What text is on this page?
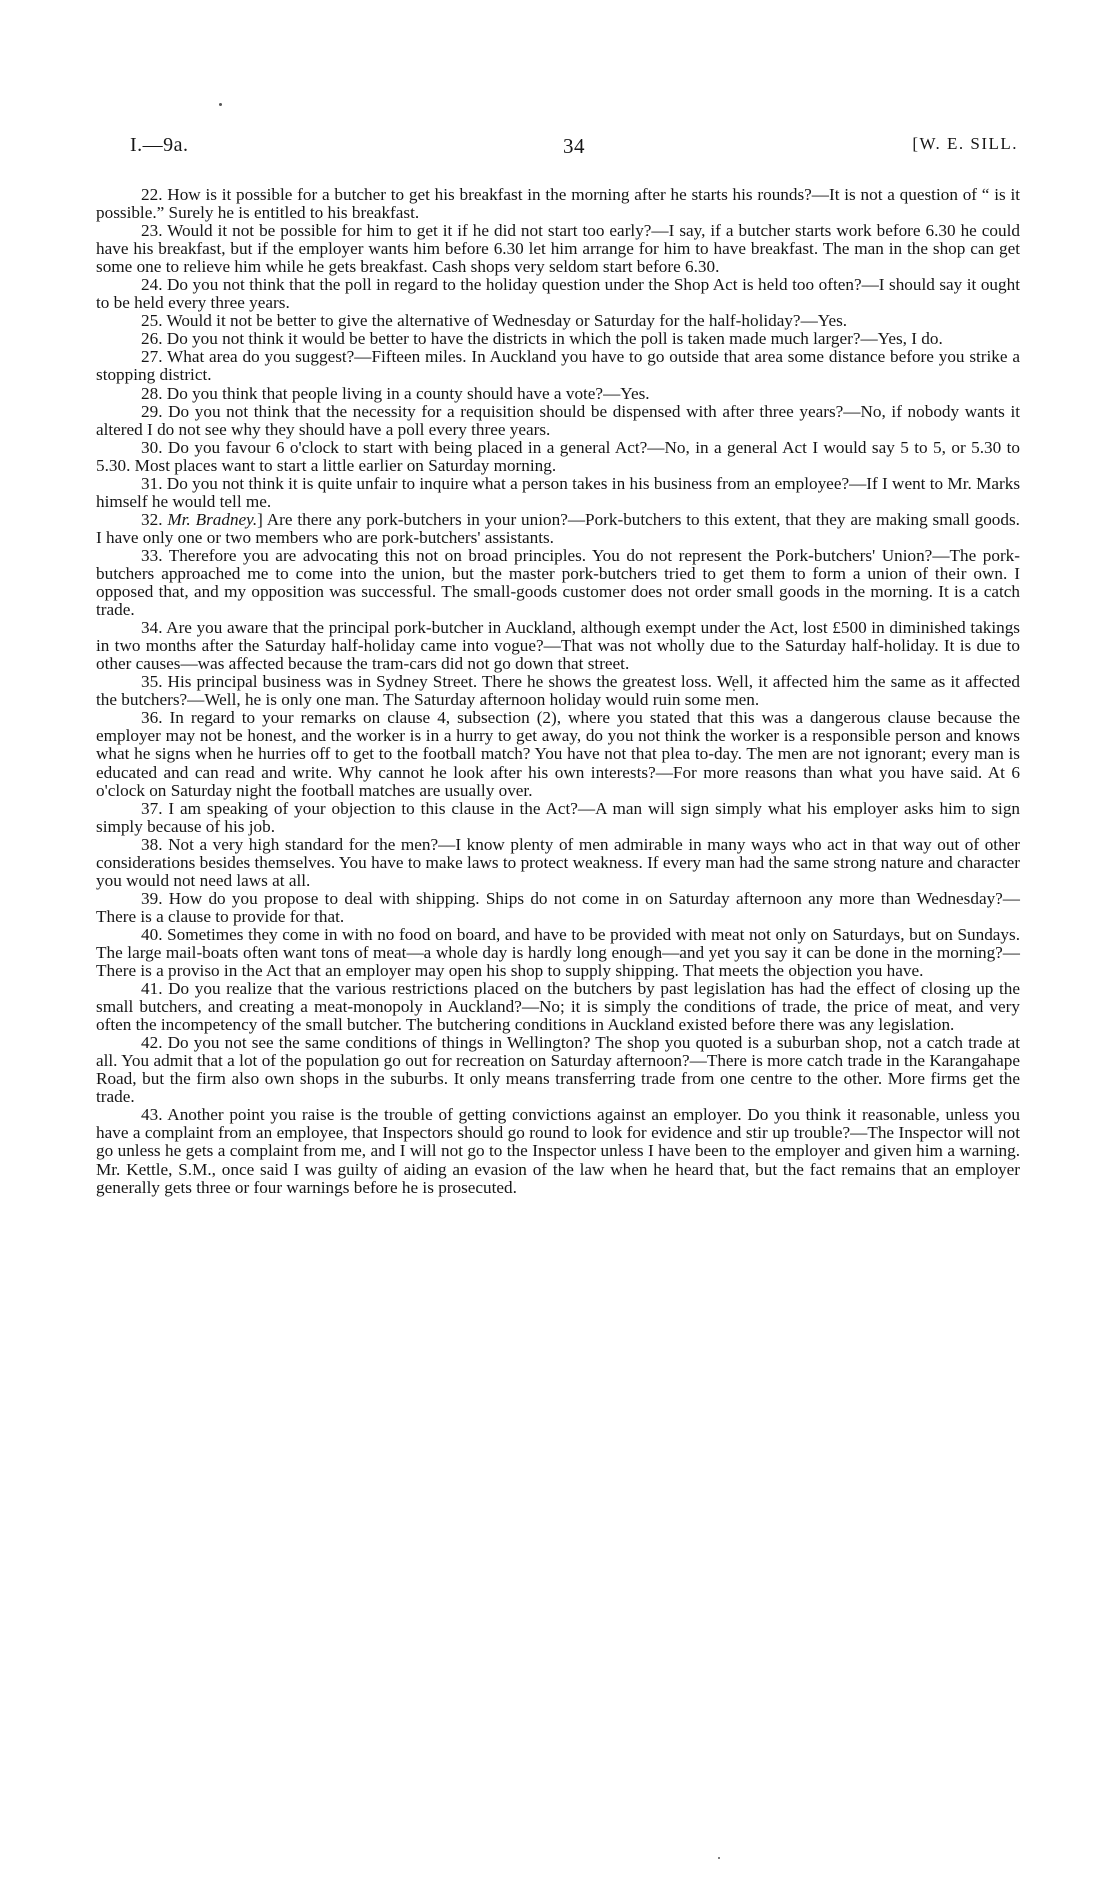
I.—9a.	34	[W. E. SILL.

22. How is it possible for a butcher to get his breakfast in the morning after he starts his rounds?—It is not a question of “ is it possible.” Surely he is entitled to his breakfast.

23. Would it not be possible for him to get it if he did not start too early?—I say, if a butcher starts work before 6.30 he could have his breakfast, but if the employer wants him before 6.30 let him arrange for him to have breakfast. The man in the shop can get some one to relieve him while he gets breakfast. Cash shops very seldom start before 6.30.

24. Do you not think that the poll in regard to the holiday question under the Shop Act is held too often?—I should say it ought to be held every three years.

25. Would it not be better to give the alternative of Wednesday or Saturday for the half-holiday?—Yes.

26. Do you not think it would be better to have the districts in which the poll is taken made much larger?—Yes, I do.

27. What area do you suggest?—Fifteen miles. In Auckland you have to go outside that area some distance before you strike a stopping district.

28. Do you think that people living in a county should have a vote?—Yes.

29. Do you not think that the necessity for a requisition should be dispensed with after three years?—No, if nobody wants it altered I do not see why they should have a poll every three years.

30. Do you favour 6 o'clock to start with being placed in a general Act?—No, in a general Act I would say 5 to 5, or 5.30 to 5.30. Most places want to start a little earlier on Saturday morning.

31. Do you not think it is quite unfair to inquire what a person takes in his business from an employee?—If I went to Mr. Marks himself he would tell me.

32. Mr. Bradney.] Are there any pork-butchers in your union?—Pork-butchers to this extent, that they are making small goods. I have only one or two members who are pork-butchers' assistants.

33. Therefore you are advocating this not on broad principles. You do not represent the Pork-butchers' Union?—The pork-butchers approached me to come into the union, but the master pork-butchers tried to get them to form a union of their own. I opposed that, and my opposition was successful. The small-goods customer does not order small goods in the morning. It is a catch trade.

34. Are you aware that the principal pork-butcher in Auckland, although exempt under the Act, lost £500 in diminished takings in two months after the Saturday half-holiday came into vogue?—That was not wholly due to the Saturday half-holiday. It is due to other causes—was affected because the tram-cars did not go down that street.

35. His principal business was in Sydney Street. There he shows the greatest loss. Well, it affected him the same as it affected the butchers?—Well, he is only one man. The Saturday afternoon holiday would ruin some men.

36. In regard to your remarks on clause 4, subsection (2), where you stated that this was a dangerous clause because the employer may not be honest, and the worker is in a hurry to get away, do you not think the worker is a responsible person and knows what he signs when he hurries off to get to the football match? You have not that plea to-day. The men are not ignorant; every man is educated and can read and write. Why cannot he look after his own interests?—For more reasons than what you have said. At 6 o'clock on Saturday night the football matches are usually over.

37. I am speaking of your objection to this clause in the Act?—A man will sign simply what his employer asks him to sign simply because of his job.

38. Not a very high standard for the men?—I know plenty of men admirable in many ways who act in that way out of other considerations besides themselves. You have to make laws to protect weakness. If every man had the same strong nature and character you would not need laws at all.

39. How do you propose to deal with shipping. Ships do not come in on Saturday afternoon any more than Wednesday?—There is a clause to provide for that.

40. Sometimes they come in with no food on board, and have to be provided with meat not only on Saturdays, but on Sundays. The large mail-boats often want tons of meat—a whole day is hardly long enough—and yet you say it can be done in the morning?—There is a proviso in the Act that an employer may open his shop to supply shipping. That meets the objection you have.

41. Do you realize that the various restrictions placed on the butchers by past legislation has had the effect of closing up the small butchers, and creating a meat-monopoly in Auckland?—No; it is simply the conditions of trade, the price of meat, and very often the incompetency of the small butcher. The butchering conditions in Auckland existed before there was any legislation.

42. Do you not see the same conditions of things in Wellington? The shop you quoted is a suburban shop, not a catch trade at all. You admit that a lot of the population go out for recreation on Saturday afternoon?—There is more catch trade in the Karangahape Road, but the firm also own shops in the suburbs. It only means transferring trade from one centre to the other. More firms get the trade.

43. Another point you raise is the trouble of getting convictions against an employer. Do you think it reasonable, unless you have a complaint from an employee, that Inspectors should go round to look for evidence and stir up trouble?—The Inspector will not go unless he gets a complaint from me, and I will not go to the Inspector unless I have been to the employer and given him a warning. Mr. Kettle, S.M., once said I was guilty of aiding an evasion of the law when he heard that, but the fact remains that an employer generally gets three or four warnings before he is prosecuted.
